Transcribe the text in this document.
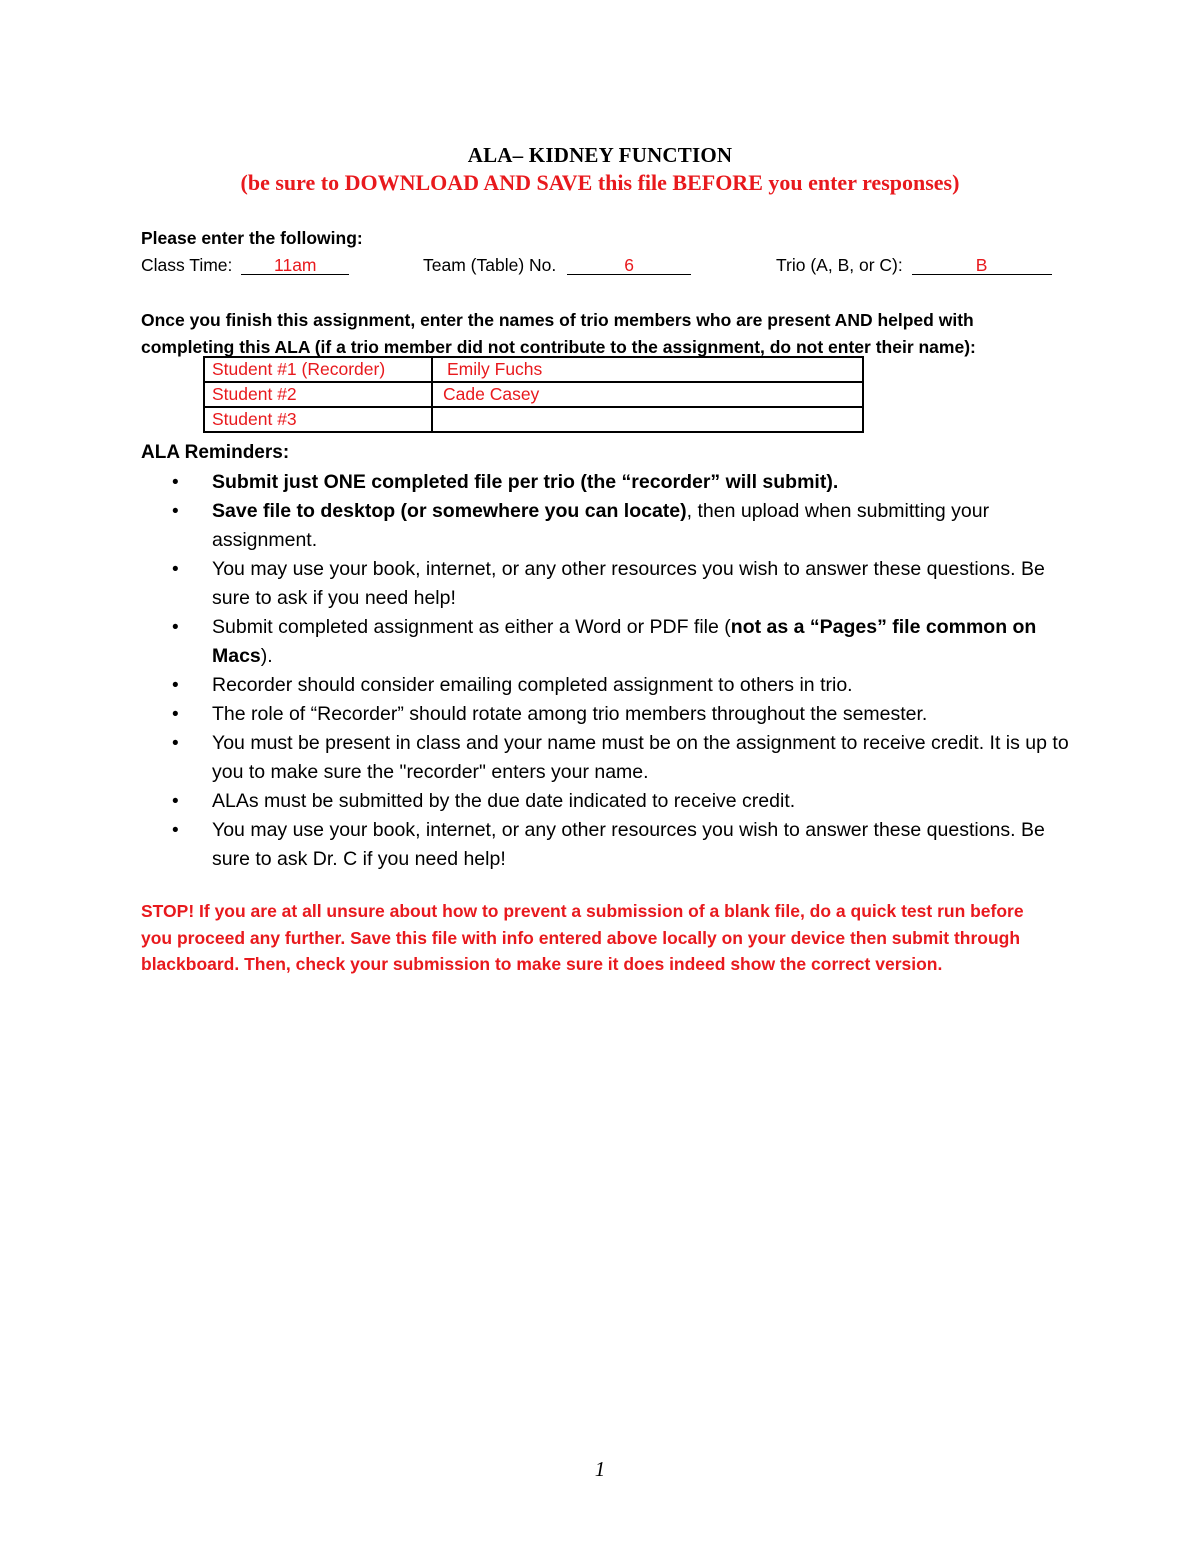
ALA– KIDNEY FUNCTION
(be sure to DOWNLOAD AND SAVE this file BEFORE you enter responses)
Please enter the following:
Class Time: 11am	Team (Table) No.	6	Trio (A, B, or C):	B
Once you finish this assignment, enter the names of trio members who are present AND helped with completing this ALA (if a trio member did not contribute to the assignment, do not enter their name):
Student #1 (Recorder)	Emily Fuchs
Student #2	Cade Casey
Student #3	
ALA Reminders:
• Submit just ONE completed file per trio (the “recorder” will submit).
• Save file to desktop (or somewhere you can locate), then upload when submitting your assignment.
• You may use your book, internet, or any other resources you wish to answer these questions. Be sure to ask if you need help!
• Submit completed assignment as either a Word or PDF file (not as a “Pages” file common on Macs).
• Recorder should consider emailing completed assignment to others in trio.
• The role of “Recorder” should rotate among trio members throughout the semester.
• You must be present in class and your name must be on the assignment to receive credit. It is up to you to make sure the "recorder" enters your name.
• ALAs must be submitted by the due date indicated to receive credit.
• You may use your book, internet, or any other resources you wish to answer these questions. Be sure to ask Dr. C if you need help!
STOP! If you are at all unsure about how to prevent a submission of a blank file, do a quick test run before you proceed any further. Save this file with info entered above locally on your device then submit through blackboard. Then, check your submission to make sure it does indeed show the correct version.
1
